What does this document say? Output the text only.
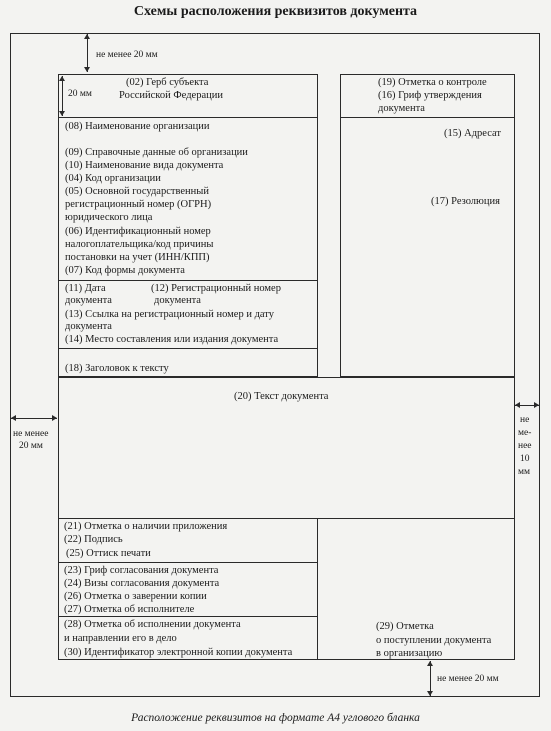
Схемы расположения реквизитов документа
не менее 20 мм
20 мм
(02) Герб субъекта
Российской Федерации
(08) Наименование организации
(09) Справочные данные об организации
(10) Наименование вида документа
(04) Код организации
(05) Основной государственный
регистрационный номер (ОГРН)
юридического лица
(06) Идентификационный номер
налогоплательщика/код причины
постановки на учет (ИНН/КПП)
(07) Код формы документа
(11) Дата
документа
(12) Регистрационный номер
документа
(13) Ссылка на регистрационный номер и дату
документа
(14) Место составления или издания документа
(18) Заголовок к тексту
(19) Отметка о контроле
(16) Гриф утверждения
документа
(15) Адресат
(17) Резолюция
(20) Текст документа
(21) Отметка о наличии приложения
(22) Подпись
(25) Оттиск печати
(23) Гриф согласования документа
(24) Визы согласования документа
(26) Отметка о заверении копии
(27) Отметка об исполнителе
(28) Отметка об исполнении документа
и направлении его в дело
(30) Идентификатор электронной копии документа
(29) Отметка
о поступлении документа
в организацию
не менее
20 мм
не
ме-
нее
10
мм
не менее 20 мм
Расположение реквизитов на формате А4 углового бланка
